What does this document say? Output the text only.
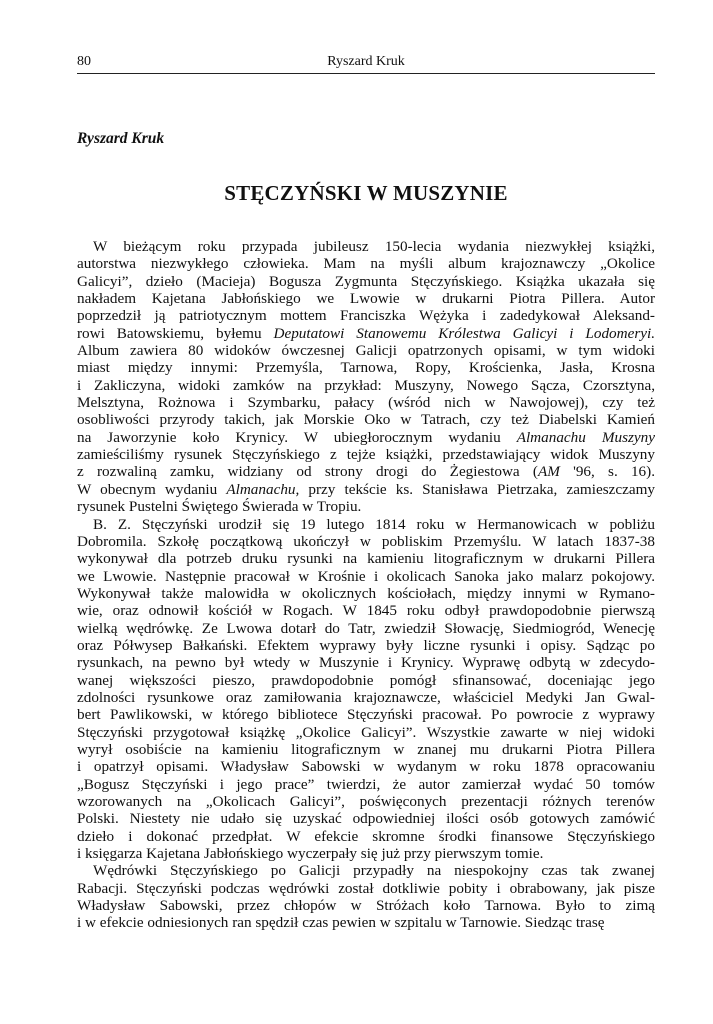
80	Ryszard Kruk
Ryszard Kruk
STĘCZYŃSKI W MUSZYNIE
W bieżącym roku przypada jubileusz 150-lecia wydania niezwykłej książki,
autorstwa niezwykłego człowieka. Mam na myśli album krajoznawczy „Okolice
Galicyi”, dzieło (Macieja) Bogusza Zygmunta Stęczyńskiego. Książka ukazała się
nakładem Kajetana Jabłońskiego we Lwowie w drukarni Piotra Pillera. Autor
poprzedził ją patriotycznym mottem Franciszka Wężyka i zadedykował Aleksand-
rowi Batowskiemu, byłemu Deputatowi Stanowemu Królestwa Galicyi i Lodomeryi.
Album zawiera 80 widoków ówczesnej Galicji opatrzonych opisami, w tym widoki
miast między innymi: Przemyśla, Tarnowa, Ropy, Krościenka, Jasła, Krosna
i Zakliczyna, widoki zamków na przykład: Muszyny, Nowego Sącza, Czorsztyna,
Melsztyna, Rożnowa i Szymbarku, pałacy (wśród nich w Nawojowej), czy też
osobliwości przyrody takich, jak Morskie Oko w Tatrach, czy też Diabelski Kamień
na Jaworzynie koło Krynicy. W ubiegłorocznym wydaniu Almanachu Muszyny
zamieściliśmy rysunek Stęczyńskiego z tejże książki, przedstawiający widok Muszyny
z rozwaliną zamku, widziany od strony drogi do Żegiestowa (AM '96, s. 16).
W obecnym wydaniu Almanachu, przy tekście ks. Stanisława Pietrzaka, zamieszczamy
rysunek Pustelni Świętego Świerada w Tropiu.
B. Z. Stęczyński urodził się 19 lutego 1814 roku w Hermanowicach w pobliżu
Dobromila. Szkołę początkową ukończył w pobliskim Przemyślu. W latach 1837-38
wykonywał dla potrzeb druku rysunki na kamieniu litograficznym w drukarni Pillera
we Lwowie. Następnie pracował w Krośnie i okolicach Sanoka jako malarz pokojowy.
Wykonywał także malowidła w okolicznych kościołach, między innymi w Rymano-
wie, oraz odnowił kościół w Rogach. W 1845 roku odbył prawdopodobnie pierwszą
wielką wędrówkę. Ze Lwowa dotarł do Tatr, zwiedził Słowację, Siedmiogród, Wenecję
oraz Półwysep Bałkański. Efektem wyprawy były liczne rysunki i opisy. Sądząc po
rysunkach, na pewno był wtedy w Muszynie i Krynicy. Wyprawę odbytą w zdecydo-
wanej większości pieszo, prawdopodobnie pomógł sfinansować, doceniając jego
zdolności rysunkowe oraz zamiłowania krajoznawcze, właściciel Medyki Jan Gwal-
bert Pawlikowski, w którego bibliotece Stęczyński pracował. Po powrocie z wyprawy
Stęczyński przygotował książkę „Okolice Galicyi”. Wszystkie zawarte w niej widoki
wyrył osobiście na kamieniu litograficznym w znanej mu drukarni Piotra Pillera
i opatrzył opisami. Władysław Sabowski w wydanym w roku 1878 opracowaniu
„Bogusz Stęczyński i jego prace” twierdzi, że autor zamierzał wydać 50 tomów
wzorowanych na „Okolicach Galicyi”, poświęconych prezentacji różnych terenów
Polski. Niestety nie udało się uzyskać odpowiedniej ilości osób gotowych zamówić
dzieło i dokonać przedpłat. W efekcie skromne środki finansowe Stęczyńskiego
i księgarza Kajetana Jabłońskiego wyczerpały się już przy pierwszym tomie.
Wędrówki Stęczyńskiego po Galicji przypadły na niespokojny czas tak zwanej
Rabacji. Stęczyński podczas wędrówki został dotkliwie pobity i obrabowany, jak pisze
Władysław Sabowski, przez chłopów w Stróżach koło Tarnowa. Było to zimą
i w efekcie odniesionych ran spędził czas pewien w szpitalu w Tarnowie. Siedząc trasę
